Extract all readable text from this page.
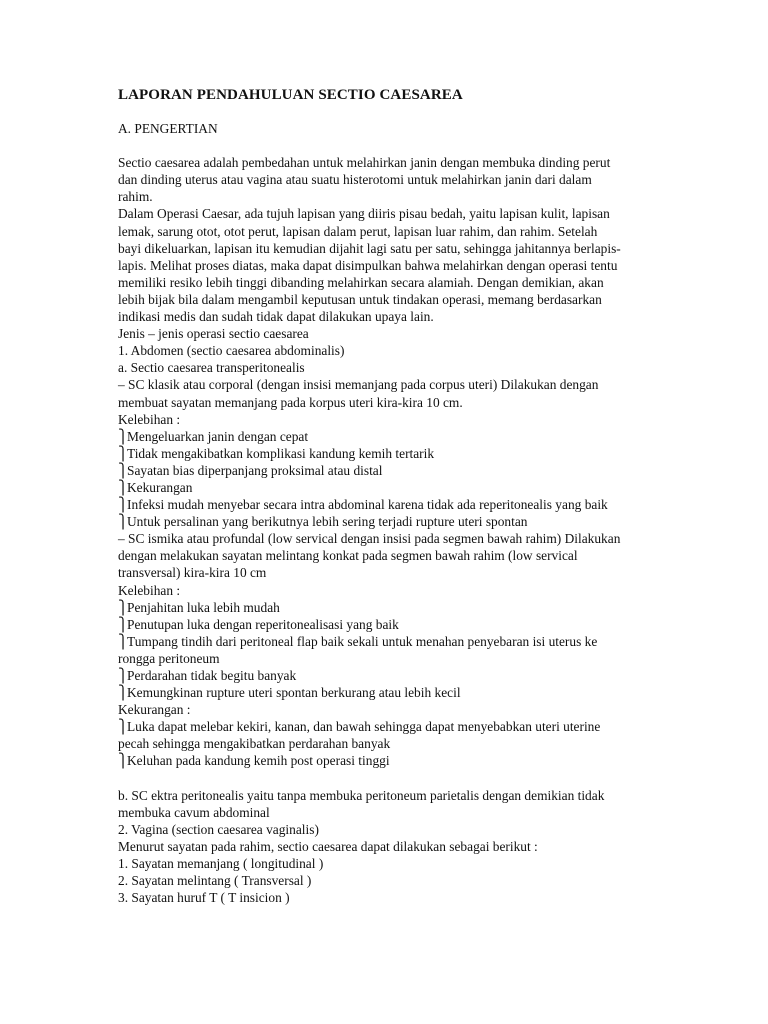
LAPORAN PENDAHULUAN SECTIO CAESAREA
A. PENGERTIAN
Sectio caesarea adalah pembedahan untuk melahirkan janin dengan membuka dinding perut
dan dinding uterus atau vagina atau suatu histerotomi untuk melahirkan janin dari dalam
rahim.
Dalam Operasi Caesar, ada tujuh lapisan yang diiris pisau bedah, yaitu lapisan kulit, lapisan
lemak, sarung otot, otot perut, lapisan dalam perut, lapisan luar rahim, dan rahim. Setelah
bayi dikeluarkan, lapisan itu kemudian dijahit lagi satu per satu, sehingga jahitannya berlapis-
lapis. Melihat proses diatas, maka dapat disimpulkan bahwa melahirkan dengan operasi tentu
memiliki resiko lebih tinggi dibanding melahirkan secara alamiah. Dengan demikian, akan
lebih bijak bila dalam mengambil keputusan untuk tindakan operasi, memang berdasarkan
indikasi medis dan sudah tidak dapat dilakukan upaya lain.
Jenis – jenis operasi sectio caesarea
1. Abdomen (sectio caesarea abdominalis)
a. Sectio caesarea transperitonealis
– SC klasik atau corporal (dengan insisi memanjang pada corpus uteri) Dilakukan dengan
membuat sayatan memanjang pada korpus uteri kira-kira 10 cm.
Kelebihan :
⎫Mengeluarkan janin dengan cepat
⎫Tidak mengakibatkan komplikasi kandung kemih tertarik
⎫Sayatan bias diperpanjang proksimal atau distal
⎫Kekurangan
⎫Infeksi mudah menyebar secara intra abdominal karena tidak ada reperitonealis yang baik
⎫Untuk persalinan yang berikutnya lebih sering terjadi rupture uteri spontan
– SC ismika atau profundal (low servical dengan insisi pada segmen bawah rahim) Dilakukan
dengan melakukan sayatan melintang konkat pada segmen bawah rahim (low servical
transversal) kira-kira 10 cm
Kelebihan :
⎫Penjahitan luka lebih mudah
⎫Penutupan luka dengan reperitonealisasi yang baik
⎫Tumpang tindih dari peritoneal flap baik sekali untuk menahan penyebaran isi uterus ke
rongga peritoneum
⎫Perdarahan tidak begitu banyak
⎫Kemungkinan rupture uteri spontan berkurang atau lebih kecil
Kekurangan :
⎫Luka dapat melebar kekiri, kanan, dan bawah sehingga dapat menyebabkan uteri uterine
pecah sehingga mengakibatkan perdarahan banyak
⎫Keluhan pada kandung kemih post operasi tinggi
b. SC ektra peritonealis yaitu tanpa membuka peritoneum parietalis dengan demikian tidak
membuka cavum abdominal
2. Vagina (section caesarea vaginalis)
Menurut sayatan pada rahim, sectio caesarea dapat dilakukan sebagai berikut :
1. Sayatan memanjang ( longitudinal )
2. Sayatan melintang ( Transversal )
3. Sayatan huruf T ( T insicion )
